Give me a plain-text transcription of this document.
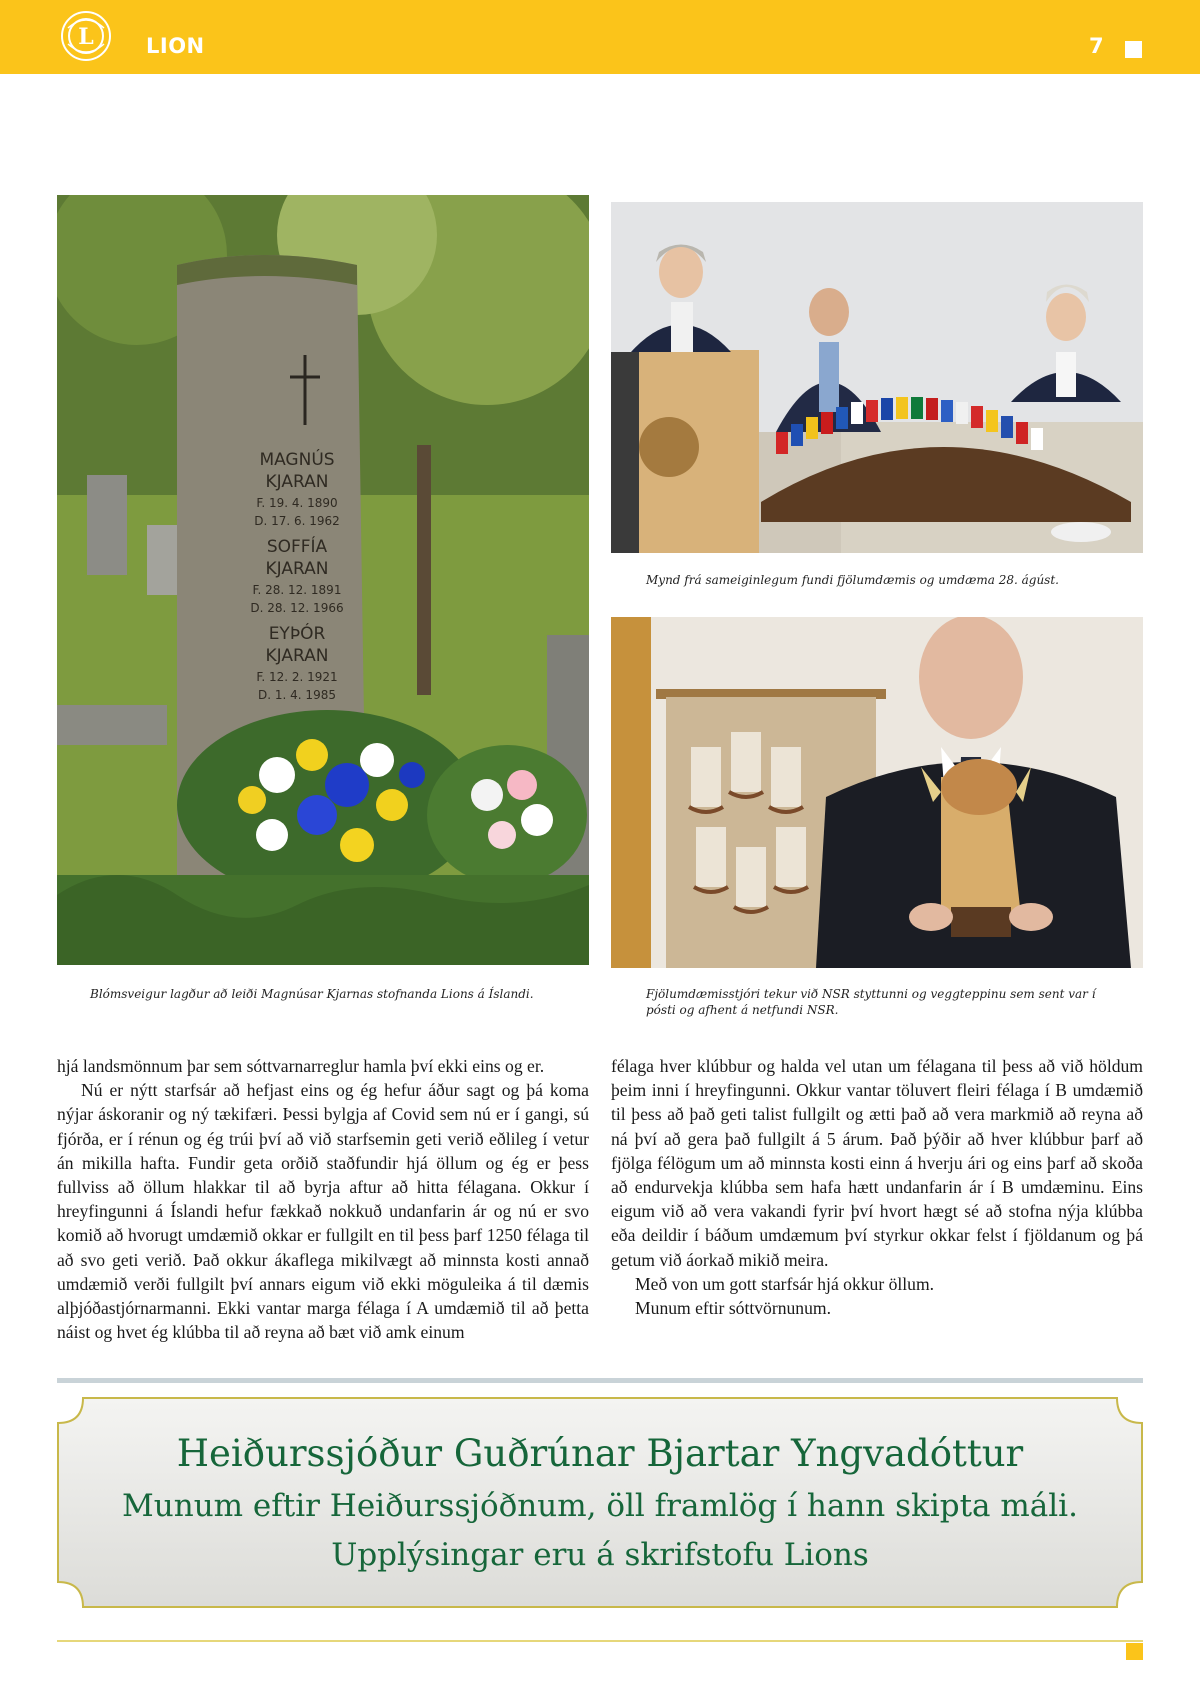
L LION	7
MAGNÚS
KJARAN
F. 19. 4. 1890
D. 17. 6. 1962
SOFFÍA
KJARAN
F. 28. 12. 1891
D. 28. 12. 1966
EYÞÓR
KJARAN
F. 12. 2. 1921
D. 1. 4. 1985
Mynd frá sameiginlegum fundi fjölumdæmis og umdæma 28. ágúst.
Blómsveigur lagður að leiði Magnúsar Kjarnas stofnanda Lions á Íslandi.	Fjölumdæmisstjóri tekur við NSR styttunni og veggteppinu sem sent var í pósti og afhent á netfundi NSR.

hjá landsmönnum þar sem sóttvarnarreglur hamla því ekki eins og er.

Nú er nýtt starfsár að hefjast eins og ég hefur áður sagt og þá koma nýjar áskoranir og ný tækifæri. Þessi bylgja af Covid sem nú er í gangi, sú fjórða, er í rénun og ég trúi því að við starfsemin geti verið eðlileg í vetur án mikilla hafta. Fundir geta orðið staðfundir hjá öllum og ég er þess fullviss að öllum hlakkar til að byrja aftur að hitta félagana. Okkur í hreyfingunni á Íslandi hefur fækkað nokkuð undanfarin ár og nú er svo komið að hvorugt umdæmið okkar er fullgilt en til þess þarf 1250 félaga til að svo geti verið. Það okkur ákaflega mikilvægt að minnsta kosti annað umdæmið verði fullgilt því annars eigum við ekki möguleika á til dæmis alþjóðastjórnarmanni. Ekki vantar marga félaga í A umdæmið til að þetta náist og hvet ég klúbba til að reyna að bæt við amk einum

félaga hver klúbbur og halda vel utan um félagana til þess að við höldum þeim inni í hreyfingunni. Okkur vantar töluvert fleiri félaga í B umdæmið til þess að það geti talist fullgilt og ætti það að vera markmið að reyna að ná því að gera það fullgilt á 5 árum. Það þýðir að hver klúbbur þarf að fjölga félögum um að minnsta kosti einn á hverju ári og eins þarf að skoða að endurvekja klúbba sem hafa hætt undanfarin ár í B umdæminu. Eins eigum við að vera vakandi fyrir því hvort hægt sé að stofna nýja klúbba eða deildir í báðum umdæmum því styrkur okkar felst í fjöldanum og þá getum við áorkað mikið meira.

Með von um gott starfsár hjá okkur öllum.

Munum eftir sóttvörnunum.

Heiðurssjóður Guðrúnar Bjartar Yngvadóttur
Munum eftir Heiðurssjóðnum, öll framlög í hann skipta máli.
Upplýsingar eru á skrifstofu Lions
